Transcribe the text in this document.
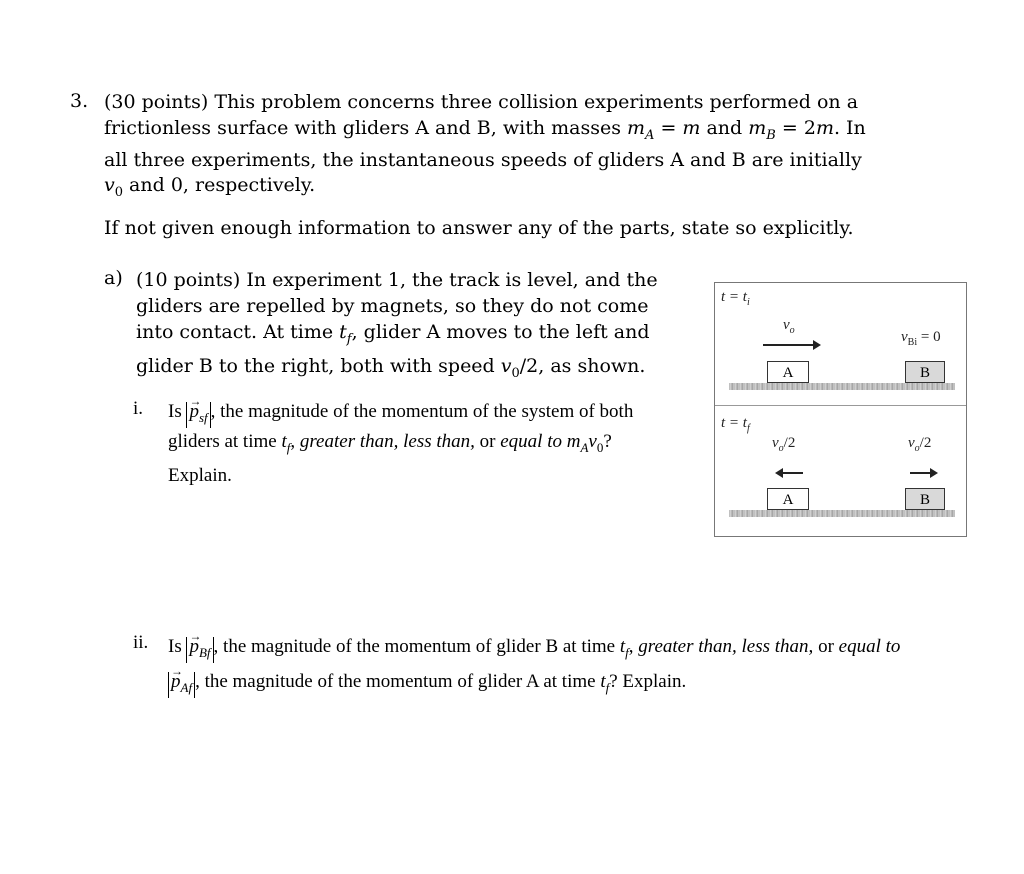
3. (30 points) This problem concerns three collision experiments performed on a frictionless surface with gliders A and B, with masses $m_A = m$ and $m_B = 2m$. In all three experiments, the instantaneous speeds of gliders A and B are initially $v_0$ and 0, respectively.
If not given enough information to answer any of the parts, state so explicitly.
a) (10 points) In experiment 1, the track is level, and the gliders are repelled by magnets, so they do not come into contact. At time $t_f$, glider A moves to the left and glider B to the right, both with speed $v_0/2$, as shown.
i. $Is \to p_{sf}$ , the magnitude of the momentum of the system of both gliders at time $t_f$, greater than, less than, or equal to $m_Av_0$? Explain.
ii. $Is \to p_{Bf}$ , the magnitude of the momentum of glider B at time $t_f$, greater than, less than, or equal to → $p_{Af}$ , the magnitude of the momentum of glider A at time $t_f$? Explain.
$t = t_i$
$v_o$	$v_{Bi} = 0$
A	B
$t = t_f$
$v_o/2$	$v_o/2$
A	B
